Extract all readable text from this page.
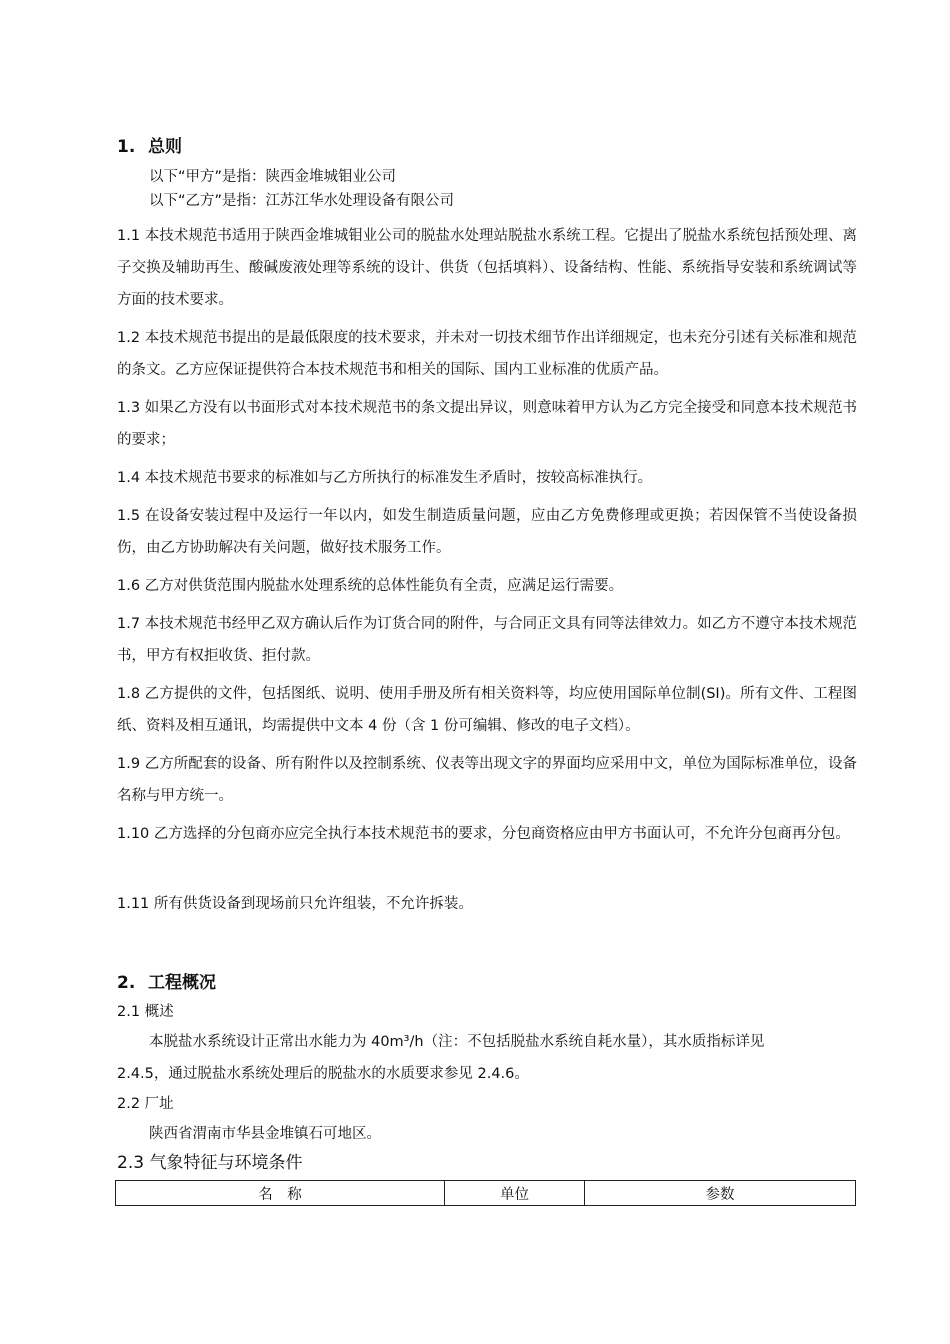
1. 总则
以下“甲方”是指：陕西金堆城钼业公司
以下“乙方”是指：江苏江华水处理设备有限公司

1.1 本技术规范书适用于陕西金堆城钼业公司的脱盐水处理站脱盐水系统工程。它提出了脱盐水系统包括预处理、离子交换及辅助再生、酸碱废液处理等系统的设计、供货（包括填料）、设备结构、性能、系统指导安装和系统调试等方面的技术要求。

1.2 本技术规范书提出的是最低限度的技术要求，并未对一切技术细节作出详细规定，也未充分引述有关标准和规范的条文。乙方应保证提供符合本技术规范书和相关的国际、国内工业标准的优质产品。

1.3 如果乙方没有以书面形式对本技术规范书的条文提出异议，则意味着甲方认为乙方完全接受和同意本技术规范书的要求；

1.4 本技术规范书要求的标准如与乙方所执行的标准发生矛盾时，按较高标准执行。

1.5 在设备安装过程中及运行一年以内，如发生制造质量问题，应由乙方免费修理或更换；若因保管不当使设备损伤，由乙方协助解决有关问题，做好技术服务工作。

1.6 乙方对供货范围内脱盐水处理系统的总体性能负有全责，应满足运行需要。

1.7 本技术规范书经甲乙双方确认后作为订货合同的附件，与合同正文具有同等法律效力。如乙方不遵守本技术规范书，甲方有权拒收货、拒付款。

1.8 乙方提供的文件，包括图纸、说明、使用手册及所有相关资料等，均应使用国际单位制(SI)。所有文件、工程图纸、资料及相互通讯，均需提供中文本 4 份（含 1 份可编辑、修改的电子文档）。

1.9 乙方所配套的设备、所有附件以及控制系统、仪表等出现文字的界面均应采用中文，单位为国际标准单位，设备名称与甲方统一。

1.10 乙方选择的分包商亦应完全执行本技术规范书的要求，分包商资格应由甲方书面认可，不允许分包商再分包。

1.11 所有供货设备到现场前只允许组装，不允许拆装。

2. 工程概况
2.1 概述
本脱盐水系统设计正常出水能力为 40m³/h（注：不包括脱盐水系统自耗水量），其水质指标详见
2.4.5，通过脱盐水系统处理后的脱盐水的水质要求参见 2.4.6。
2.2 厂址
陕西省渭南市华县金堆镇石可地区。
2.3 气象特征与环境条件
名　称	单位	参数
